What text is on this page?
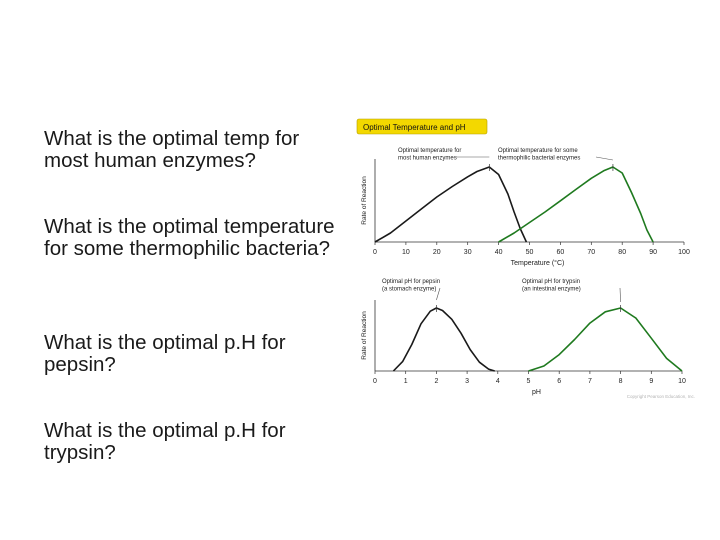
What is the optimal temp for most human enzymes?
What is the optimal temperature for some thermophilic bacteria?
What is the optimal p.H for pepsin?
What is the optimal p.H for trypsin?
Optimal Temperature and pH
Rate of Reaction
0	10	20	30	40	50	60	70	80	90	100
Temperature (°C)
Optimal temperature for
most human enzymes
Optimal temperature for some
thermophilic bacterial enzymes
Rate of Reaction
0	1	2	3	4	5	6	7	8	9	10
pH
Optimal pH for pepsin
(a stomach enzyme)
Optimal pH for trypsin
(an intestinal enzyme)
Copyright Pearson Education, Inc.
